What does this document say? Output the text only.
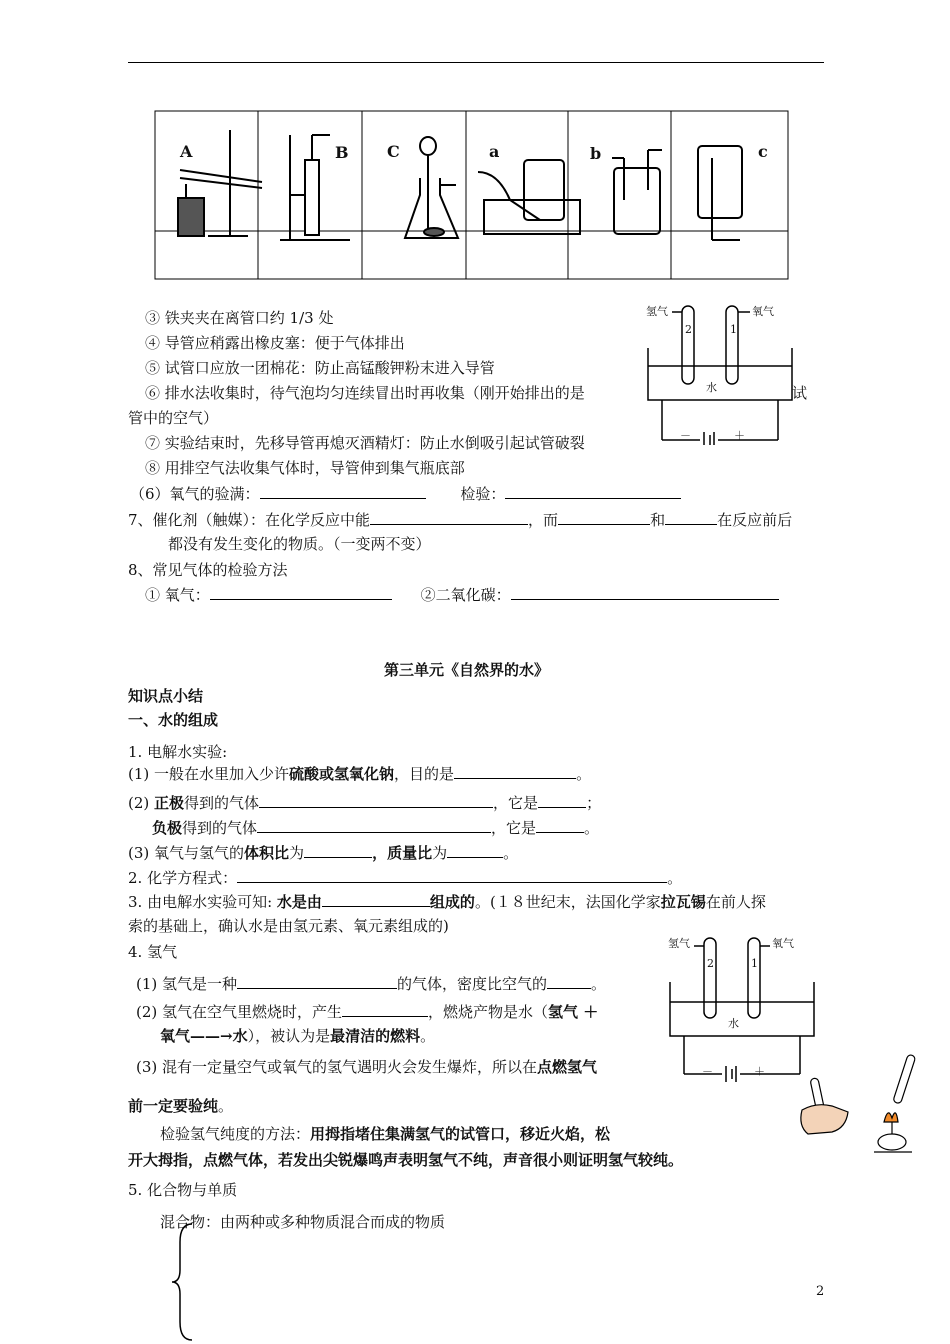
A	B C	a	b	c
③ 铁夹夹在离管口约 1/3 处
④ 导管应稍露出橡皮塞：便于气体排出
⑤ 试管口应放一团棉花：防止高锰酸钾粉末进入导管
⑥ 排水法收集时，待气泡均匀连续冒出时再收集（刚开始排出的是	试
管中的空气）
⑦ 实验结束时，先移导管再熄灭酒精灯：防止水倒吸引起试管破裂
⑧ 用排空气法收集气体时，导管伸到集气瓶底部
氢气	氧气
2	1
水
－	＋
（6）氧气的验满：	检验：
7、催化剂（触媒）：在化学反应中能	，而	和	在反应前后
都没有发生变化的物质。（一变两不变）
8、常见气体的检验方法
① 氧气：	②二氧化碳：
第三单元《自然界的水》
知识点小结
一、水的组成
1. 电解水实验:
(1) 一般在水里加入少许硫酸或氢氧化钠，目的是	。
(2) 正极得到的气体	，它是	；
负极得到的气体	，它是	。
(3) 氧气与氢气的体积比为	，质量比为	。
2. 化学方程式：	。
3. 由电解水实验可知: 水是由	组成的。(１８世纪末，法国化学家拉瓦锡在前人探
索的基础上，确认水是由氢元素、氧元素组成的)
4. 氢气
(1) 氢气是一种	的气体，密度比空气的	。
(2) 氢气在空气里燃烧时，产生	，燃烧产物是水（氢气 ＋
氧气——→水），被认为是最清洁的燃料。
(3) 混有一定量空气或氧气的氢气遇明火会发生爆炸，所以在点燃氢气
前一定要验纯。
检验氢气纯度的方法：用拇指堵住集满氢气的试管口，移近火焰，松
开大拇指，点燃气体，若发出尖锐爆鸣声表明氢气不纯，声音很小则证明氢气较纯。
氢气	氧气
2	1
水
－	＋
5. 化合物与单质
混合物：由两种或多种物质混合而成的物质
2
